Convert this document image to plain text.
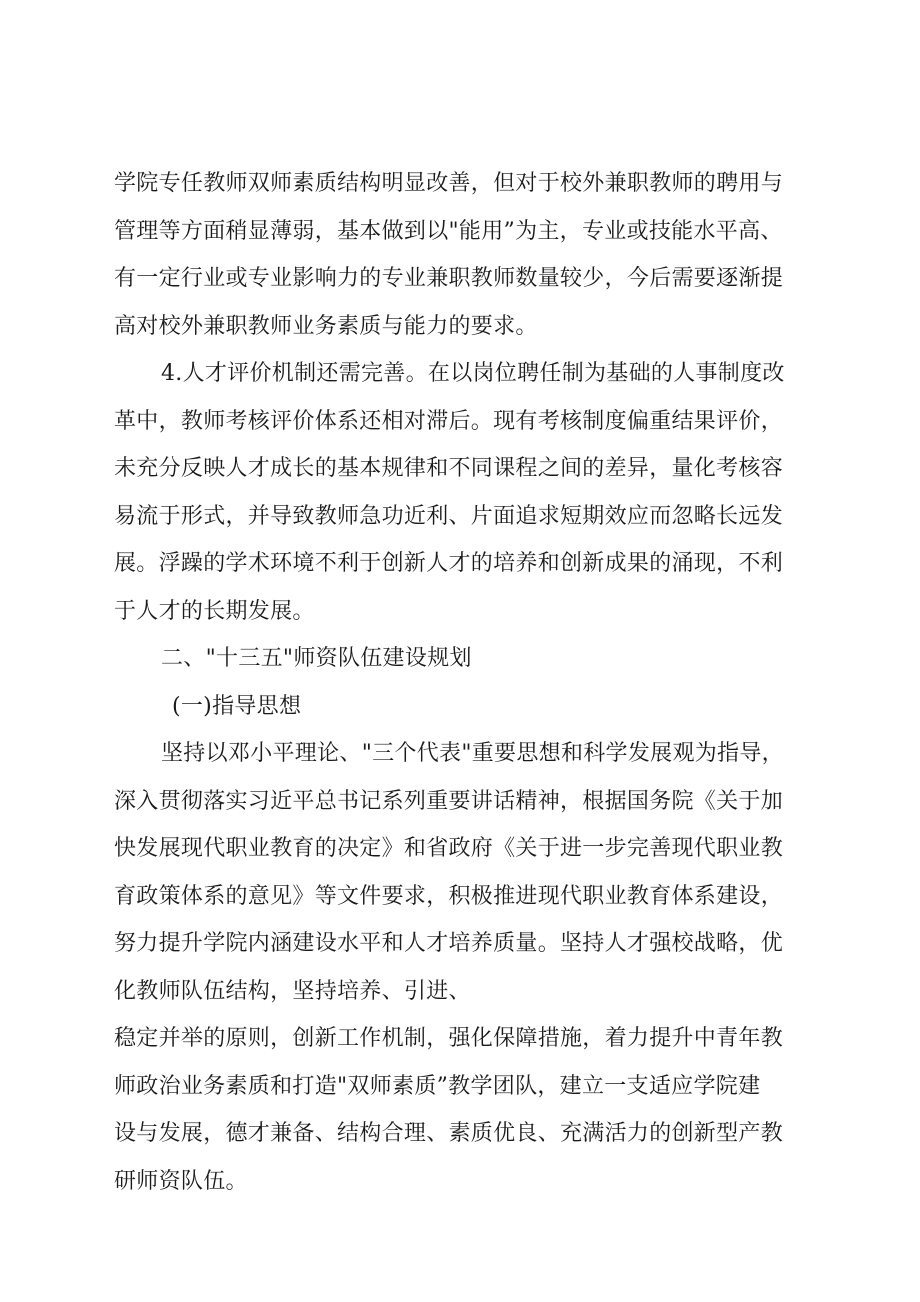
学院专任教师双师素质结构明显改善，但对于校外兼职教师的聘用与
管理等方面稍显薄弱，基本做到以"能用”为主，专业或技能水平高、
有一定行业或专业影响力的专业兼职教师数量较少，今后需要逐渐提
高对校外兼职教师业务素质与能力的要求。
4.人才评价机制还需完善。在以岗位聘任制为基础的人事制度改
革中，教师考核评价体系还相对滞后。现有考核制度偏重结果评价，
未充分反映人才成长的基本规律和不同课程之间的差异，量化考核容
易流于形式，并导致教师急功近利、片面追求短期效应而忽略长远发
展。浮躁的学术环境不利于创新人才的培养和创新成果的涌现，不利
于人才的长期发展。
二、"十三五"师资队伍建设规划
(一)指导思想
坚持以邓小平理论、"三个代表"重要思想和科学发展观为指导，
深入贯彻落实习近平总书记系列重要讲话精神，根据国务院《关于加
快发展现代职业教育的决定》和省政府《关于进一步完善现代职业教
育政策体系的意见》等文件要求，积极推进现代职业教育体系建设，
努力提升学院内涵建设水平和人才培养质量。坚持人才强校战略，优
化教师队伍结构，坚持培养、引进、
稳定并举的原则，创新工作机制，强化保障措施，着力提升中青年教
师政治业务素质和打造"双师素质”教学团队，建立一支适应学院建
设与发展，德才兼备、结构合理、素质优良、充满活力的创新型产教
研师资队伍。
